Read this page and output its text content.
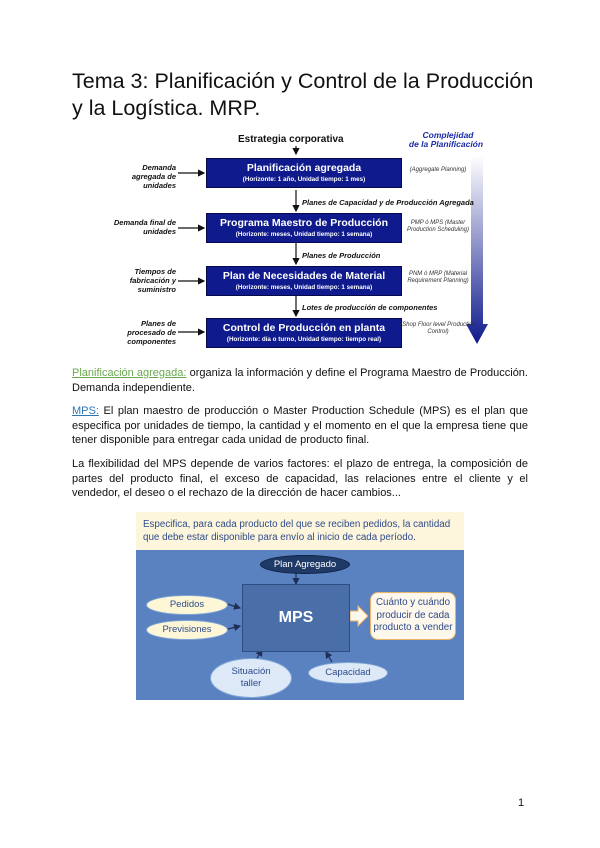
Tema 3: Planificación y Control de la Producción y la Logística. MRP.
Estrategia corporativa	Complejidad
de la Planificación
Demanda agregada de unidades
Planificación agregada
(Horizonte: 1 año, Unidad tiempo: 1 mes)
(Aggregate Planning)
Planes de Capacidad y de Producción Agregada
Demanda final de unidades
Programa Maestro de Producción
(Horizonte: meses, Unidad tiempo: 1 semana)
PMP ó MPS (Master Production Scheduling)
Planes de Producción
Tiempos de fabricación y suministro
Plan de Necesidades de Material
(Horizonte: meses, Unidad tiempo: 1 semana)
PNM ó MRP (Material Requirement Planning)
Lotes de producción de componentes
Planes de procesado de componentes
Control de Producción en planta
(Horizonte: día o turno, Unidad tiempo: tiempo real)
(Shop Floor level Production Control)

Planificación agregada: organiza la información y define el Programa Maestro de Producción. Demanda independiente.

MPS: El plan maestro de producción o Master Production Schedule (MPS) es el plan que especifica por unidades de tiempo, la cantidad y el momento en el que la empresa tiene que tener disponible para entregar cada unidad de producto final.

La flexibilidad del MPS depende de varios factores: el plazo de entrega, la composición de partes del producto final, el exceso de capacidad, las relaciones entre el cliente y el vendedor, el deseo o el rechazo de la dirección de hacer cambios...

Especifica, para cada producto del que se reciben pedidos, la cantidad que debe estar disponible para envío al inicio de cada período.
Plan Agregado
MPS
Pedidos
Previsiones
Situación
taller
Capacidad
Cuánto y cuándo
producir de cada
producto a vender
1
